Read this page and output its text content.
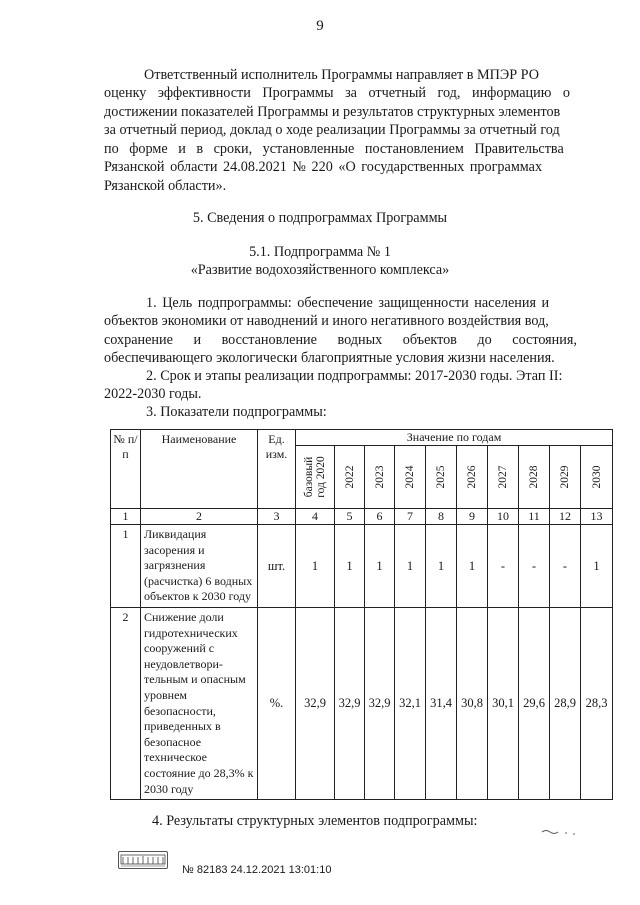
9
Ответственный исполнитель Программы направляет в МПЭР РО
оценку эффективности Программы за отчетный год, информацию о
достижении показателей Программы и результатов структурных элементов
за отчетный период, доклад о ходе реализации Программы за отчетный год
по форме и в сроки, установленные постановлением Правительства
Рязанской области 24.08.2021 № 220 «О государственных программах
Рязанской области».
5. Сведения о подпрограммах Программы
5.1. Подпрограмма № 1
«Развитие водохозяйственного комплекса»
1. Цель подпрограммы: обеспечение защищенности населения и
объектов экономики от наводнений и иного негативного воздействия вод,
сохранение и восстановление водных объектов до состояния,
обеспечивающего экологически благоприятные условия жизни населения.
2. Срок и этапы реализации подпрограммы: 2017-2030 годы. Этап II:
2022-2030 годы.
3. Показатели подпрограммы:
№ п/п	Наименование	Ед. изм.	Значение по годам									

			базовый год 2020	2022	2023	2024	2025	2026	2027	2028	2029	2030

1	2	3	4	5	6	7	8	9	10	11	12	13
1	Ликвидация засорения и загрязнения (расчистка) 6 водных объектов к 2030 году	шт.	1	1	1	1	1	1	-	-	-	1
2	Снижение доли гидротехнических сооружений с неудовлетвори-тельным и опасным уровнем безопасности, приведенных в безопасное техническое состояние до 28,3% к 2030 году	%.	32,9	32,9	32,9	32,1	31,4	30,8	30,1	29,6	28,9	28,3
4. Результаты структурных элементов подпрограммы:
№ 82183 24.12.2021 13:01:10
